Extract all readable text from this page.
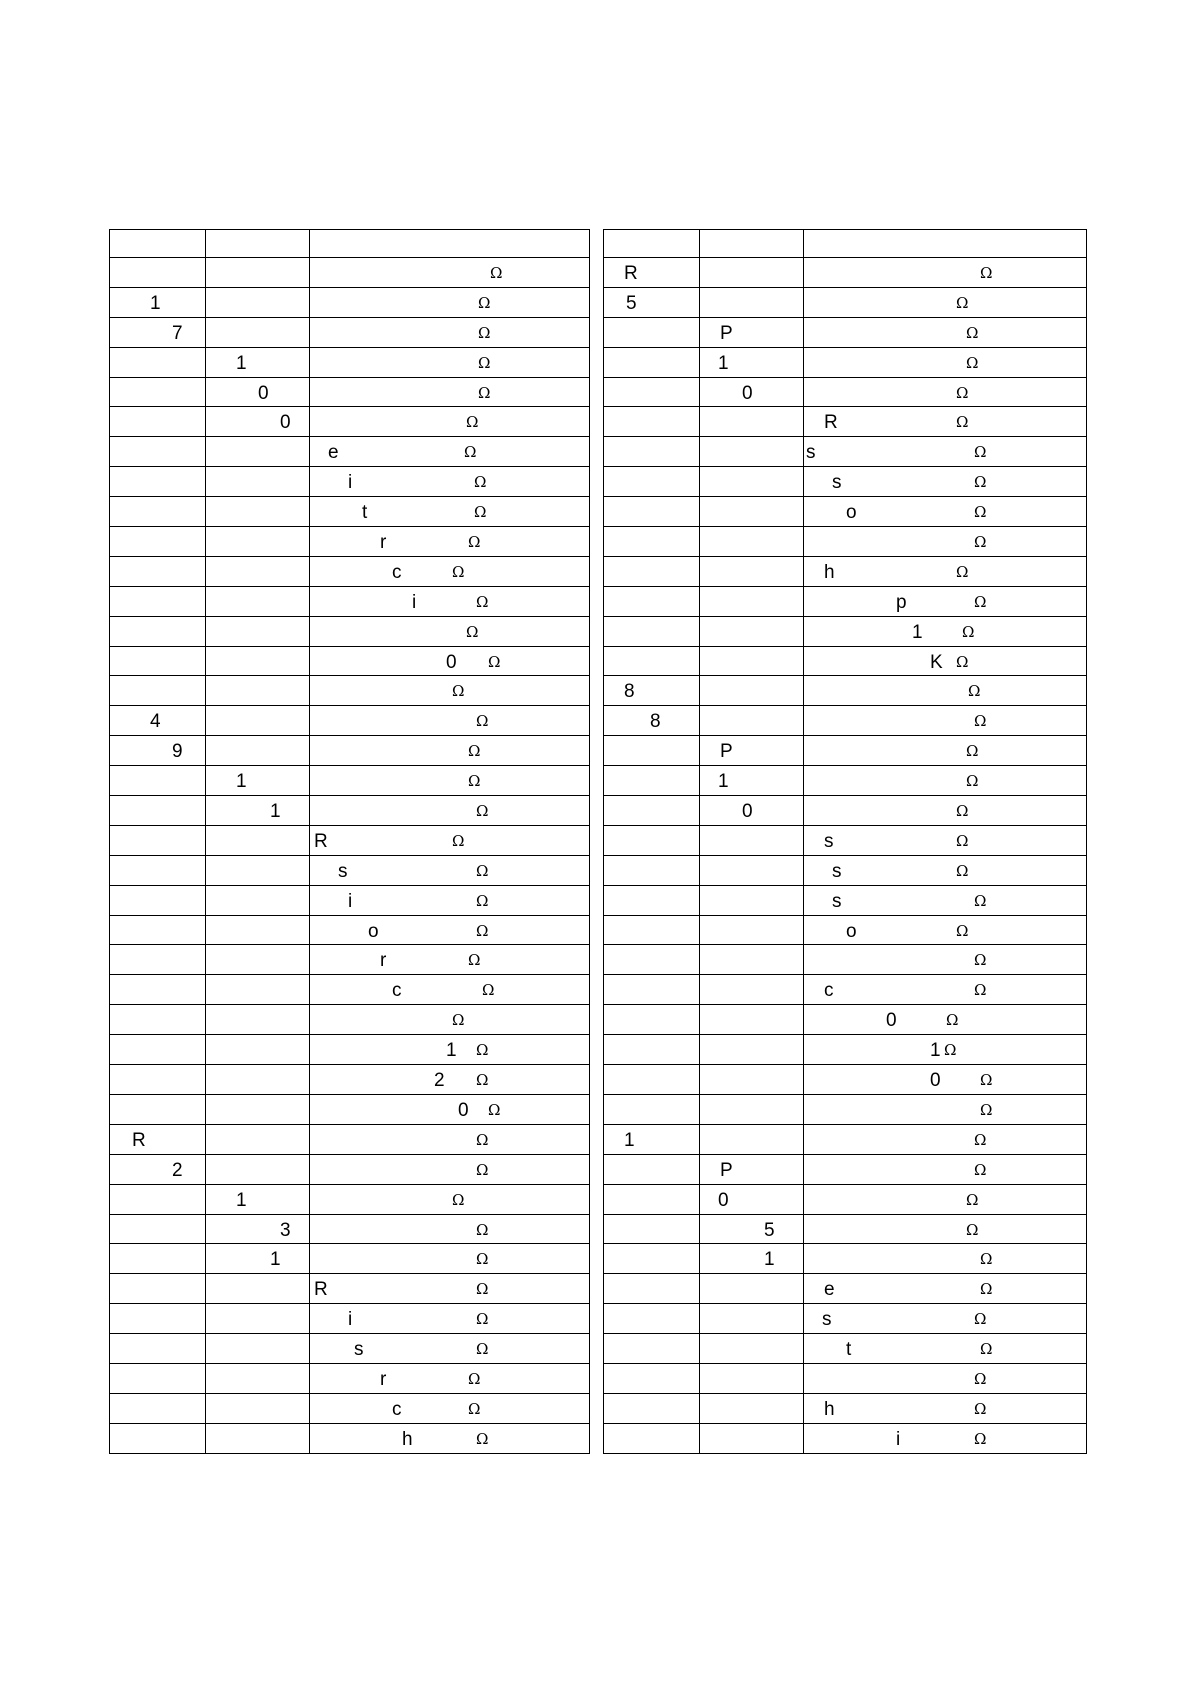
		Ω

1		Ω

7		Ω

	1	Ω

	0	Ω

	0	Ω

		e Ω

		i Ω

		t Ω

		r Ω

		c Ω

		i Ω

		Ω

		0 Ω

		Ω

4		Ω

9		Ω

	1	Ω

	1	Ω

		R Ω

		s Ω

		i Ω

		o Ω

		r Ω

		c Ω

		Ω

		1 Ω

		2 Ω

		0 Ω

R		Ω

2		Ω

	1	Ω

	3	Ω

	1	Ω

		R Ω

		i Ω

		s Ω

		r Ω

		c Ω

		h Ω

R		Ω

5		Ω

	P	Ω

	1	Ω

	0	Ω

		R Ω

		s Ω

		s Ω

		o Ω

		Ω

		h Ω

		p Ω

		1 Ω

		K Ω

8		Ω

8		Ω

	P	Ω

	1	Ω

	0	Ω

		s Ω

		s Ω

		s Ω

		o Ω

		Ω

		c Ω

		0 Ω

		1 Ω

		0 Ω

		Ω

1		Ω

	P	Ω

	0	Ω

	5	Ω

	1	Ω

		e Ω

		s Ω

		t Ω

		Ω

		h Ω

		i Ω
